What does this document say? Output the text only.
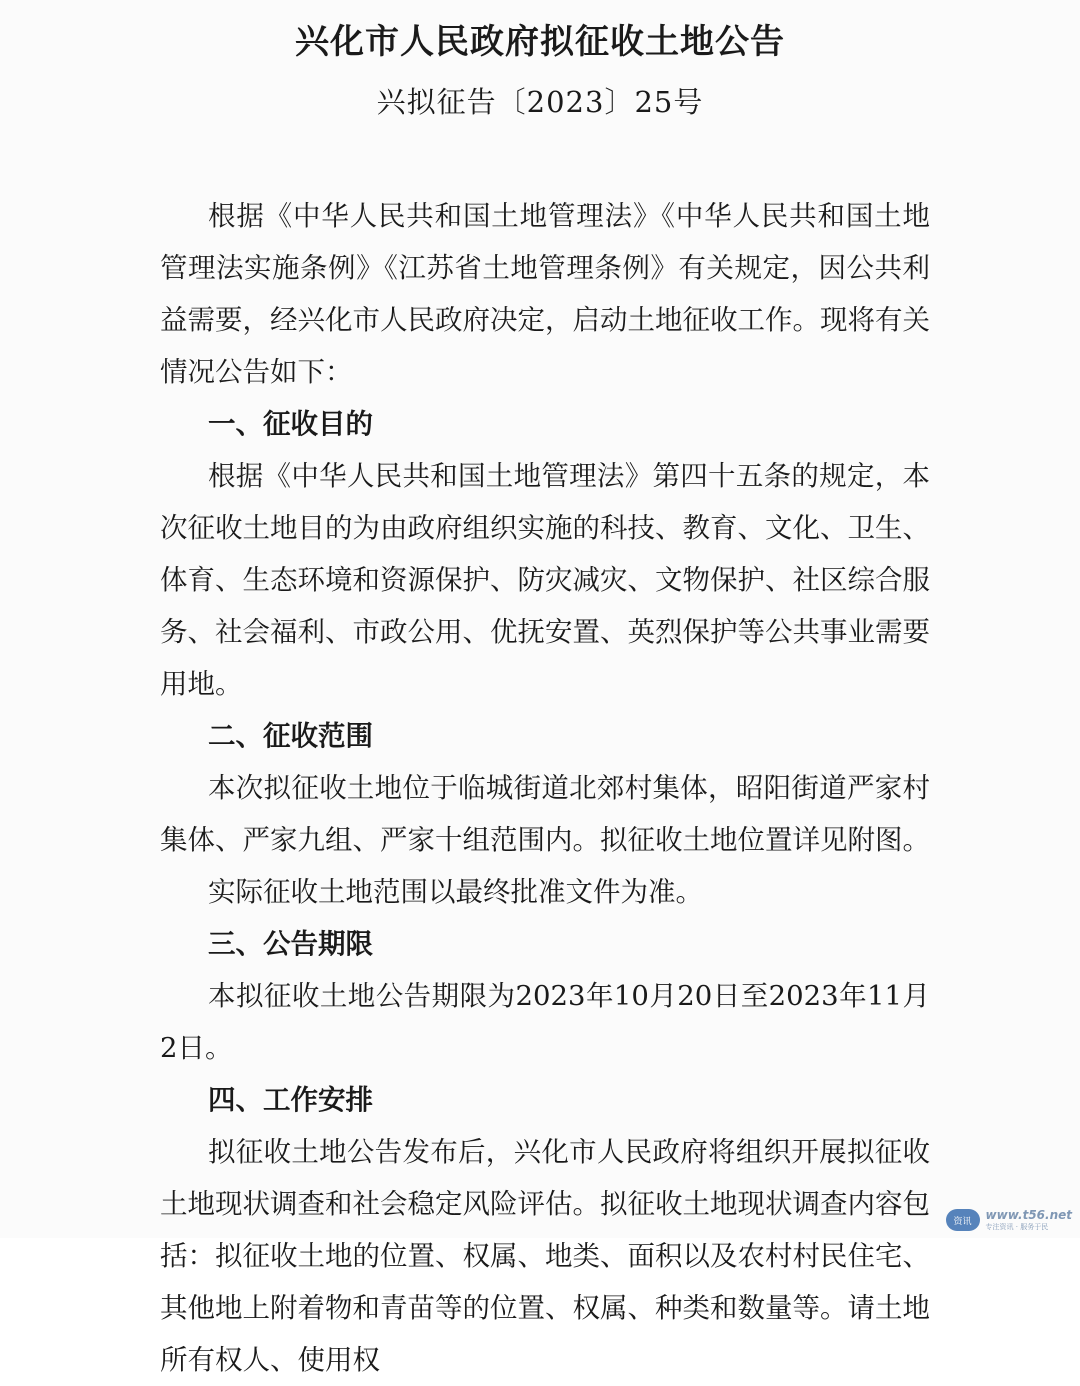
兴化市人民政府拟征收土地公告
兴拟征告〔2023〕25号

根据《中华人民共和国土地管理法》《中华人民共和国土地管理法实施条例》《江苏省土地管理条例》有关规定，因公共利益需要，经兴化市人民政府决定，启动土地征收工作。现将有关情况公告如下：

一、征收目的

根据《中华人民共和国土地管理法》第四十五条的规定，本次征收土地目的为由政府组织实施的科技、教育、文化、卫生、体育、生态环境和资源保护、防灾减灾、文物保护、社区综合服务、社会福利、市政公用、优抚安置、英烈保护等公共事业需要用地。

二、征收范围

本次拟征收土地位于临城街道北郊村集体，昭阳街道严家村集体、严家九组、严家十组范围内。拟征收土地位置详见附图。

实际征收土地范围以最终批准文件为准。

三、公告期限

本拟征收土地公告期限为2023年10月20日至2023年11月2日。

四、工作安排

拟征收土地公告发布后，兴化市人民政府将组织开展拟征收土地现状调查和社会稳定风险评估。拟征收土地现状调查内容包括：拟征收土地的位置、权属、地类、面积以及农村村民住宅、其他地上附着物和青苗等的位置、权属、种类和数量等。请土地所有权人、使用权

资讯	www.t56.net
专注资讯 · 服务于民
